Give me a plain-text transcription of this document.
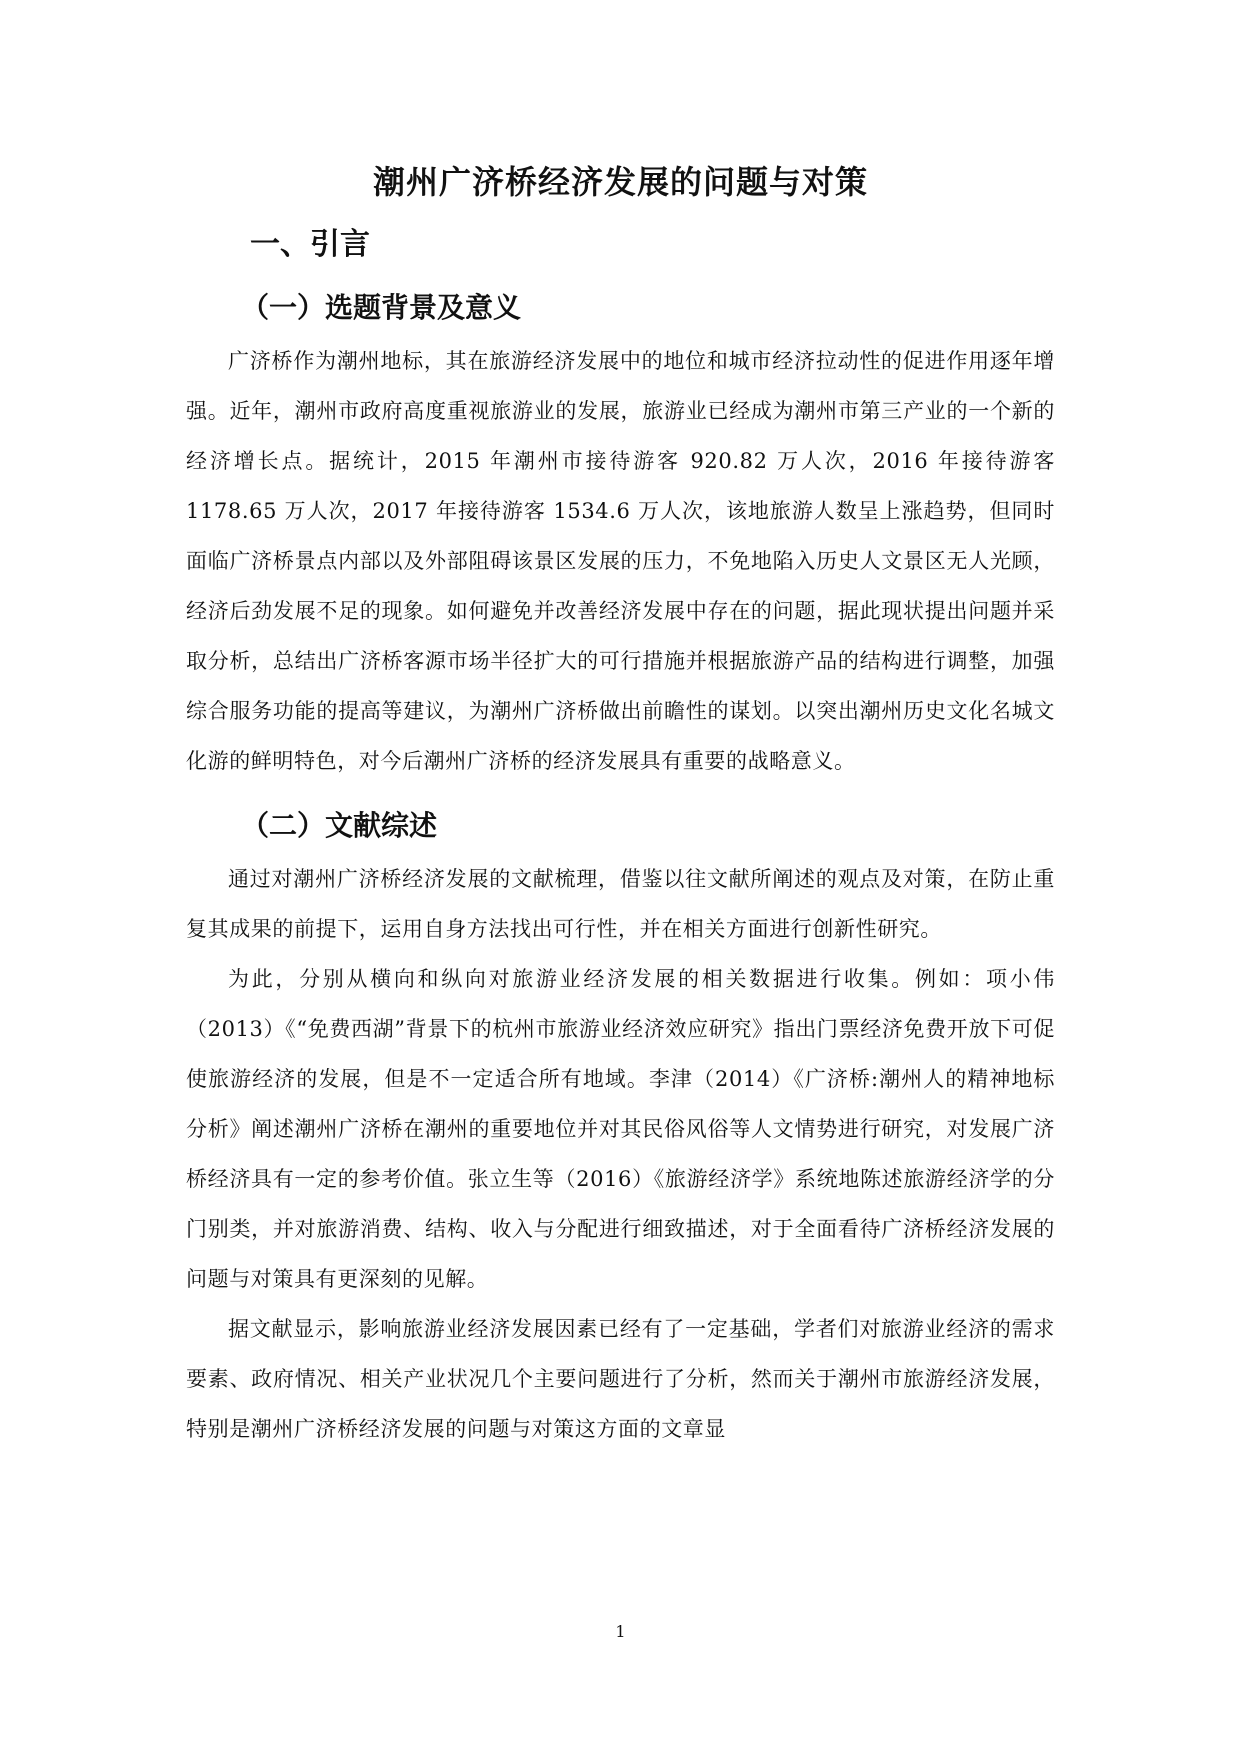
潮州广济桥经济发展的问题与对策
一、引言
（一）选题背景及意义

广济桥作为潮州地标，其在旅游经济发展中的地位和城市经济拉动性的促进作用逐年增强。近年，潮州市政府高度重视旅游业的发展，旅游业已经成为潮州市第三产业的一个新的经济增长点。据统计，2015 年潮州市接待游客 920.82 万人次，2016 年接待游客 1178.65 万人次，2017 年接待游客 1534.6 万人次，该地旅游人数呈上涨趋势，但同时面临广济桥景点内部以及外部阻碍该景区发展的压力，不免地陷入历史人文景区无人光顾，经济后劲发展不足的现象。如何避免并改善经济发展中存在的问题，据此现状提出问题并采取分析，总结出广济桥客源市场半径扩大的可行措施并根据旅游产品的结构进行调整，加强综合服务功能的提高等建议，为潮州广济桥做出前瞻性的谋划。以突出潮州历史文化名城文化游的鲜明特色，对今后潮州广济桥的经济发展具有重要的战略意义。

（二）文献综述

通过对潮州广济桥经济发展的文献梳理，借鉴以往文献所阐述的观点及对策，在防止重复其成果的前提下，运用自身方法找出可行性，并在相关方面进行创新性研究。

为此，分别从横向和纵向对旅游业经济发展的相关数据进行收集。例如：项小伟（2013）《“免费西湖”背景下的杭州市旅游业经济效应研究》指出门票经济免费开放下可促使旅游经济的发展，但是不一定适合所有地域。李津（2014）《广济桥:潮州人的精神地标分析》阐述潮州广济桥在潮州的重要地位并对其民俗风俗等人文情势进行研究，对发展广济桥经济具有一定的参考价值。张立生等（2016）《旅游经济学》系统地陈述旅游经济学的分门别类，并对旅游消费、结构、收入与分配进行细致描述，对于全面看待广济桥经济发展的问题与对策具有更深刻的见解。

据文献显示，影响旅游业经济发展因素已经有了一定基础，学者们对旅游业经济的需求要素、政府情况、相关产业状况几个主要问题进行了分析，然而关于潮州市旅游经济发展，特别是潮州广济桥经济发展的问题与对策这方面的文章显

1
